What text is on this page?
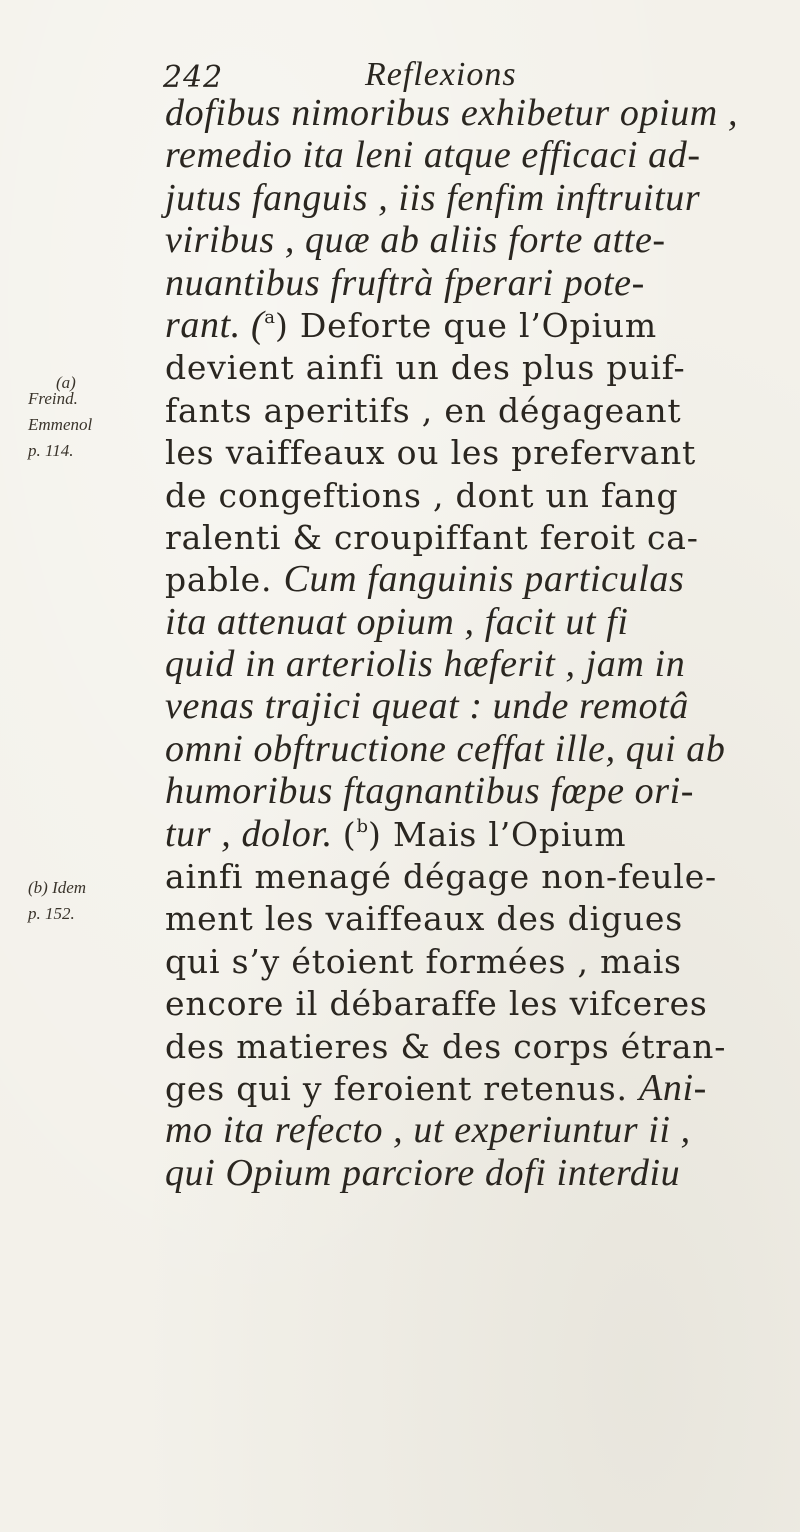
242	Reflexions
(a)
Freind.
Emmenol
p. 114.
(b) Idem
p. 152.
dofibus nimoribus exhibetur opium ,
remedio ita leni atque efficaci ad-
jutus fanguis , iis fenfim inftruitur
viribus , quæ ab aliis forte atte-
nuantibus fruftrà fperari pote-
rant. ($^a$) Deforte que l’Opium
devient ainfi un des plus puif-
fants aperitifs , en dégageant
les vaiffeaux ou les prefervant
de congeftions , dont un fang
ralenti & croupiffant feroit ca-
pable. Cum fanguinis particulas
ita attenuat opium , facit ut fi
quid in arteriolis hæferit , jam in
venas trajici queat : unde remotâ
omni obftructione ceffat ille, qui ab
humoribus ftagnantibus fœpe ori-
tur , dolor. ($^b$) Mais l’Opium
ainfi menagé dégage non-feule-
ment les vaiffeaux des digues
qui s’y étoient formées , mais
encore il débaraffe les vifceres
des matieres & des corps étran-
ges qui y feroient retenus. Ani-
mo ita refecto , ut experiuntur ii ,
qui Opium parciore dofi interdiu
